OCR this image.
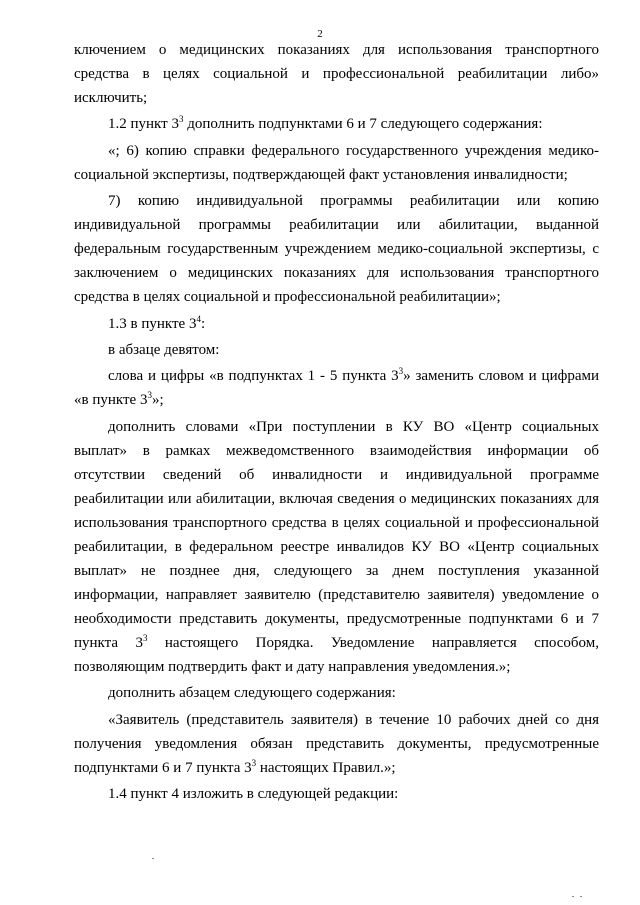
2

ключением о медицинских показаниях для использования транспортного средства в целях социальной и профессиональной реабилитации либо» исключить;

1.2 пункт $3^3$ дополнить подпунктами 6 и 7 следующего содержания:

«; 6) копию справки федерального государственного учреждения медико-социальной экспертизы, подтверждающей факт установления инвалидности;

7) копию индивидуальной программы реабилитации или копию индивидуальной программы реабилитации или абилитации, выданной федеральным государственным учреждением медико-социальной экспертизы, с заключением о медицинских показаниях для использования транспортного средства в целях социальной и профессиональной реабилитации»;

1.3 в пункте $3^4$:

в абзаце девятом:

слова и цифры «в подпунктах 1 - 5 пункта $3^3$» заменить словом и цифрами «в пункте $3^3$»;

дополнить словами «При поступлении в КУ ВО «Центр социальных выплат» в рамках межведомственного взаимодействия информации об отсутствии сведений об инвалидности и индивидуальной программе реабилитации или абилитации, включая сведения о медицинских показаниях для использования транспортного средства в целях социальной и профессиональной реабилитации, в федеральном реестре инвалидов КУ ВО «Центр социальных выплат» не позднее дня, следующего за днем поступления указанной информации, направляет заявителю (представителю заявителя) уведомление о необходимости представить документы, предусмотренные подпунктами 6 и 7 пункта $3^3$ настоящего Порядка. Уведомление направляется способом, позволяющим подтвердить факт и дату направления уведомления.»;

дополнить абзацем следующего содержания:

«Заявитель (представитель заявителя) в течение 10 рабочих дней со дня получения уведомления обязан представить документы, предусмотренные подпунктами 6 и 7 пункта $3^3$ настоящих Правил.»;

1.4 пункт 4 изложить в следующей редакции:
